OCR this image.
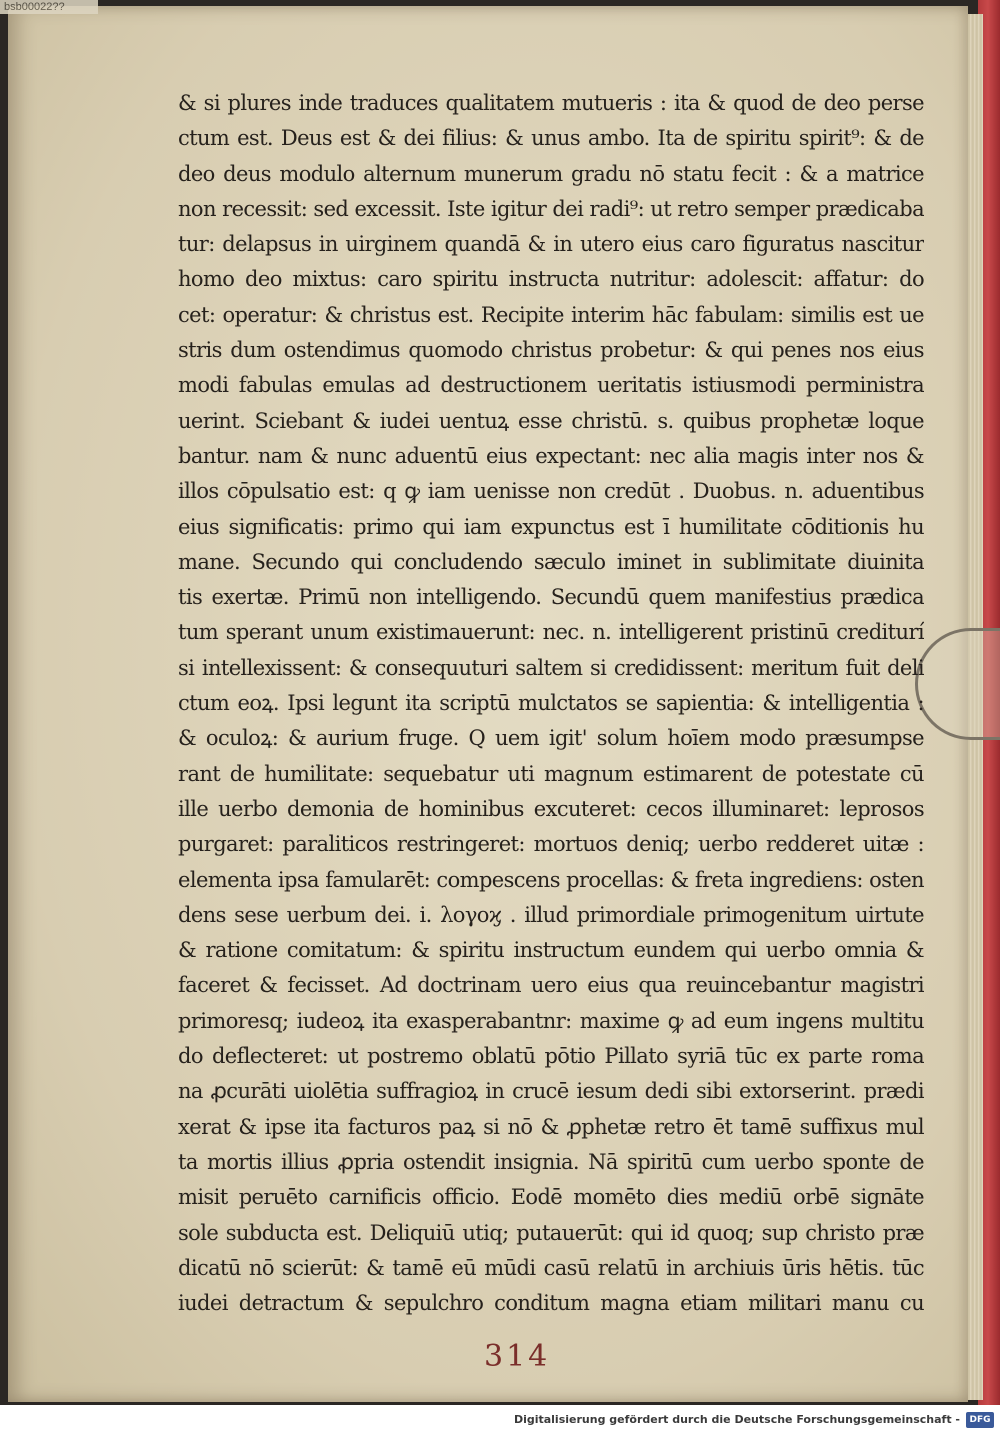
bsb00022??
& si plures inde traduces qualitatem mutueris : ita & quod de deo perse
ctum est. Deus est & dei filius: & unus ambo. Ita de spiritu spirit⁹: & de
deo deus modulo alternum munerum gradu nō statu fecit : & a matrice
non recessit: sed excessit. Iste igitur dei radi⁹: ut retro semper prædicaba
tur: delapsus in uirginem quandā & in utero eius caro figuratus nascitur
homo deo mixtus: caro spiritu instructa nutritur: adolescit: affatur: do
cet: operatur: & christus est. Recipite interim hāc fabulam: similis est ue
stris dum ostendimus quomodo christus probetur: & qui penes nos eius
modi fabulas emulas ad destructionem ueritatis istiusmodi perministra
uerint. Sciebant & iudei uentuꝝ esse christū. s. quibus prophetæ loque
bantur. nam & nunc aduentū eius expectant: nec alia magis inter nos &
illos cōpulsatio est: q ꝙ iam uenisse non credūt . Duobus. n. aduentibus
eius significatis: primo qui iam expunctus est ī humilitate cōditionis hu
mane. Secundo qui concludendo sæculo iminet in sublimitate diuinita
tis exertæ. Primū non intelligendo. Secundū quem manifestius prædica
tum sperant unum existimauerunt: nec. n. intelligerent pristinū crediturí
si intellexissent: & consequuturi saltem si credidissent: meritum fuit deli
ctum eoꝝ. Ipsi legunt ita scriptū mulctatos se sapientia: & intelligentia :
& oculoꝝ: & aurium fruge. Q uem igit' solum hoīem modo præsumpse
rant de humilitate: sequebatur uti magnum estimarent de potestate cū
ille uerbo demonia de hominibus excuteret: cecos illuminaret: leprosos
purgaret: paraliticos restringeret: mortuos deniq; uerbo redderet uitæ :
elementa ipsa famularēt: compescens procellas: & freta ingrediens: osten
dens sese uerbum dei. i. λογοϗ . illud primordiale primogenitum uirtute
& ratione comitatum: & spiritu instructum eundem qui uerbo omnia &
faceret & fecisset. Ad doctrinam uero eius qua reuincebantur magistri
primoresq; iudeoꝝ ita exasperabantnr: maxime ꝙ ad eum ingens multitu
do deflecteret: ut postremo oblatū pōtio Pillato syriā tūc ex parte roma
na ꝓcurāti uiolētia suffragioꝝ in crucē iesum dedi sibi extorserint. prædi
xerat & ipse ita facturos paꝝ si nō & ꝓphetæ retro ēt tamē suffixus mul
ta mortis illius ꝓpria ostendit insignia. Nā spiritū cum uerbo sponte de
misit peruēto carnificis officio. Eodē momēto dies mediū orbē signāte
sole subducta est. Deliquiū utiq; putauerūt: qui id quoq; sup christo præ
dicatū nō scierūt: & tamē eū mūdi casū relatū in archiuis ūris hētis. tūc
iudei detractum & sepulchro conditum magna etiam militari manu cu
314
Digitalisierung gefördert durch die Deutsche Forschungsgemeinschaft -	DFG
